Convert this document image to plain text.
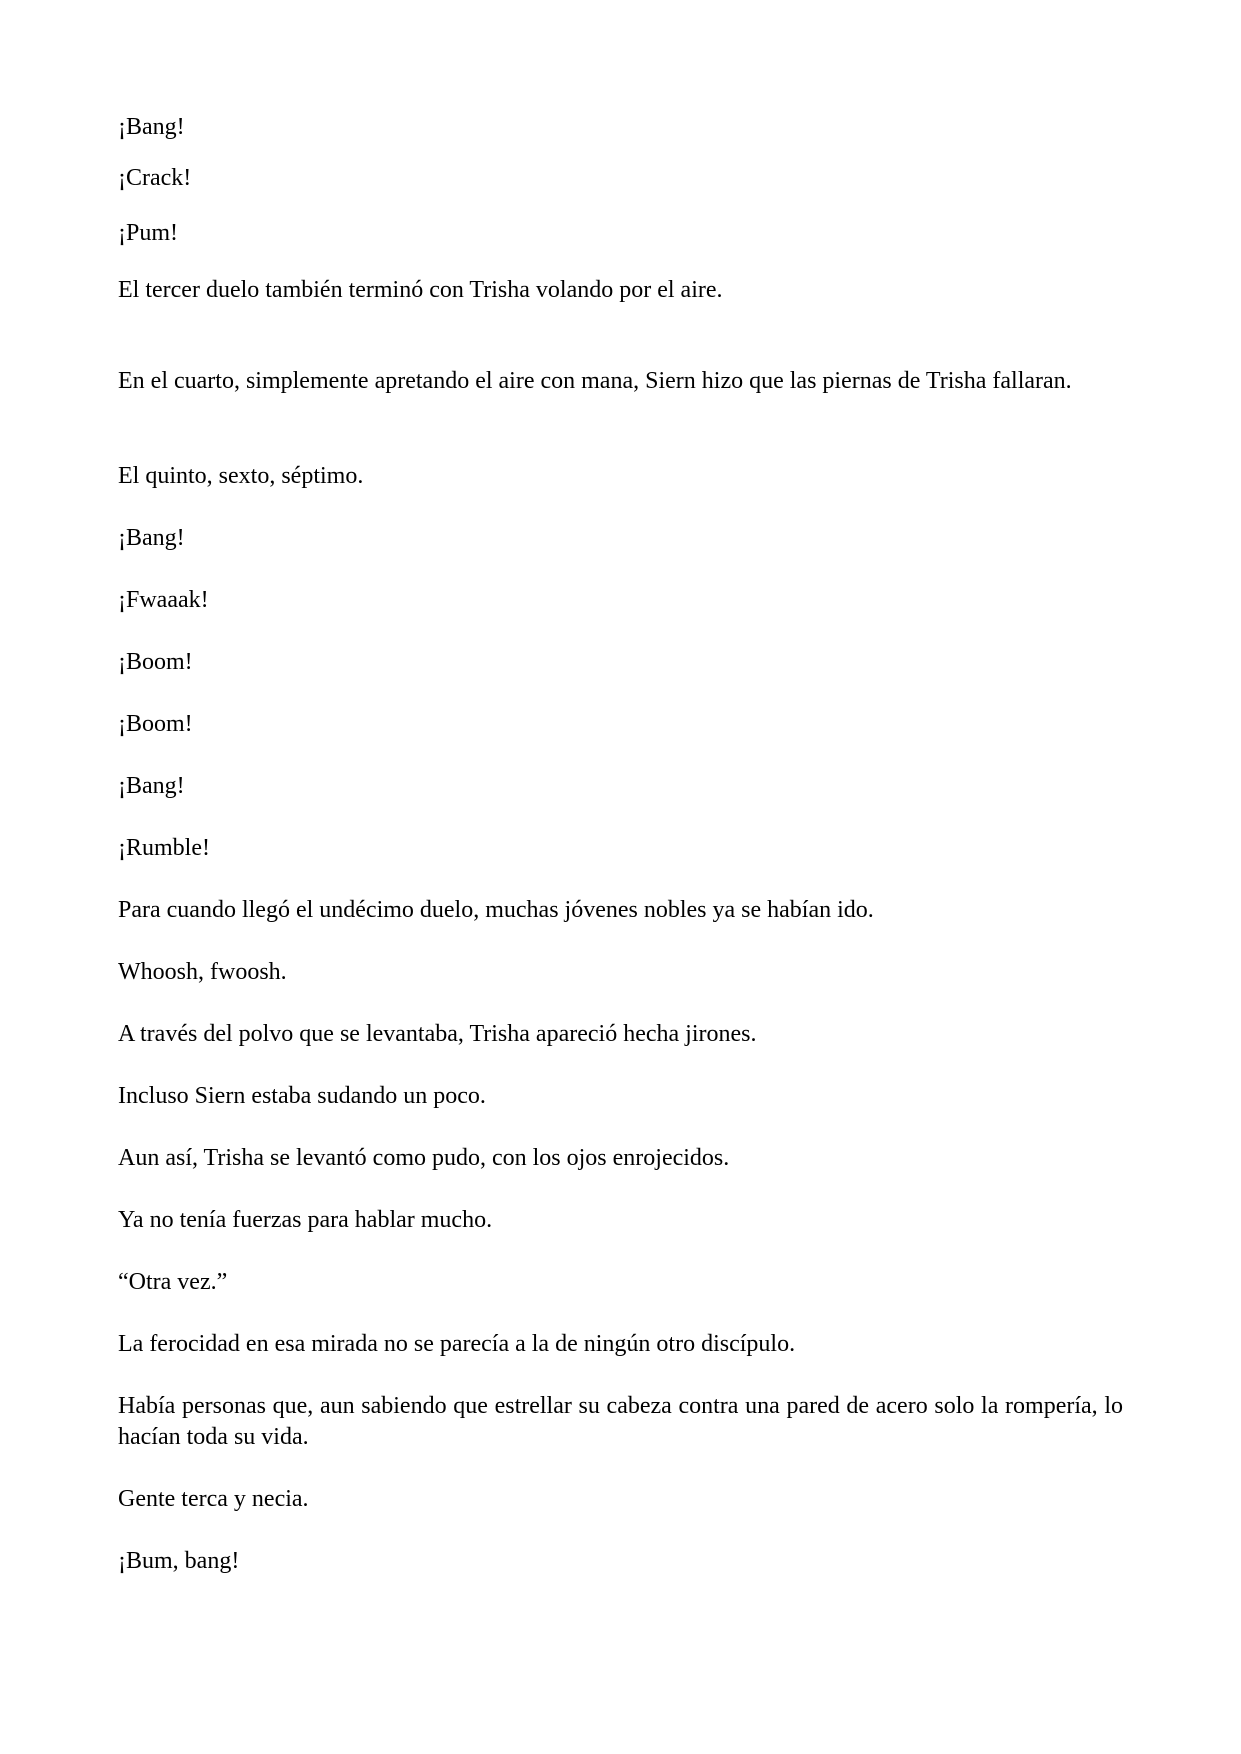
¡Bang!

¡Crack!

¡Pum!

El tercer duelo también terminó con Trisha volando por el aire.

En el cuarto, simplemente apretando el aire con mana, Siern hizo que las piernas de Trisha fallaran.

El quinto, sexto, séptimo.

¡Bang!

¡Fwaaak!

¡Boom!

¡Boom!

¡Bang!

¡Rumble!

Para cuando llegó el undécimo duelo, muchas jóvenes nobles ya se habían ido.

Whoosh, fwoosh.

A través del polvo que se levantaba, Trisha apareció hecha jirones.

Incluso Siern estaba sudando un poco.

Aun así, Trisha se levantó como pudo, con los ojos enrojecidos.

Ya no tenía fuerzas para hablar mucho.

“Otra vez.”

La ferocidad en esa mirada no se parecía a la de ningún otro discípulo.

Había personas que, aun sabiendo que estrellar su cabeza contra una pared de acero solo la rompería, lo hacían toda su vida.

Gente terca y necia.

¡Bum, bang!
